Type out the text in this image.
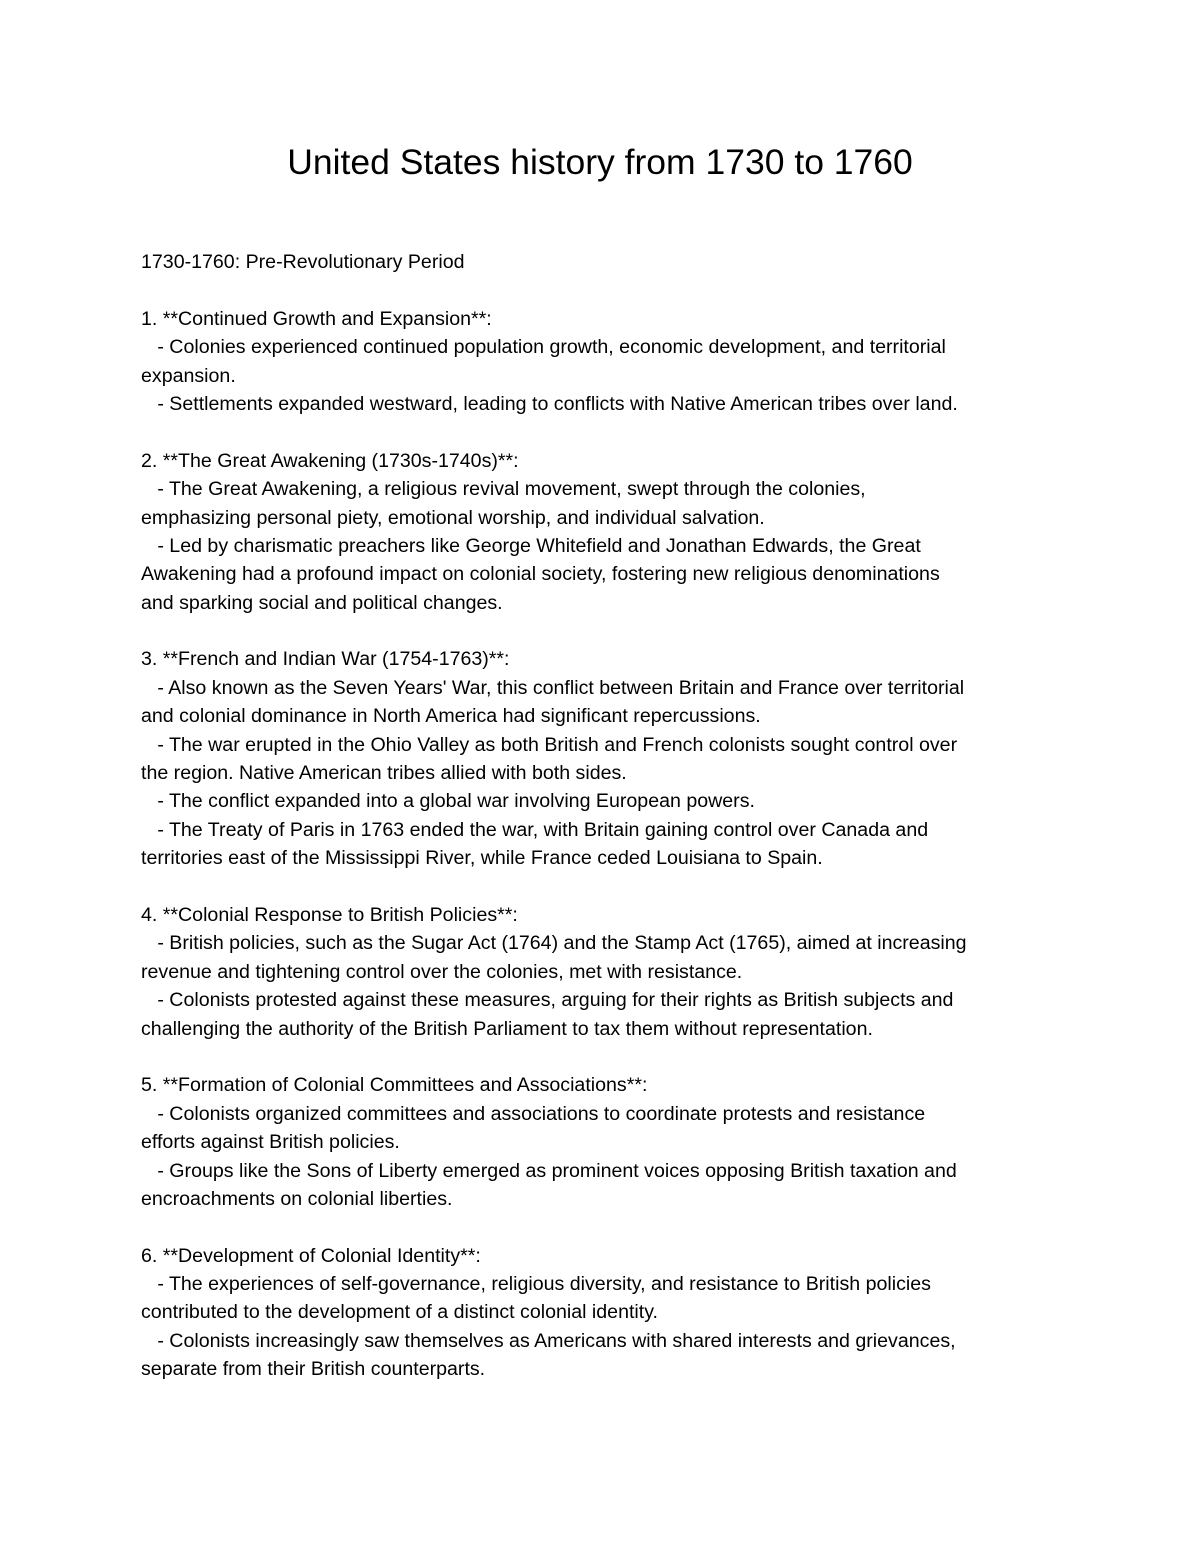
United States history from 1730 to 1760
1730-1760: Pre-Revolutionary Period
1. **Continued Growth and Expansion**:
- Colonies experienced continued population growth, economic development, and territorial
expansion.
- Settlements expanded westward, leading to conflicts with Native American tribes over land.
2. **The Great Awakening (1730s-1740s)**:
- The Great Awakening, a religious revival movement, swept through the colonies,
emphasizing personal piety, emotional worship, and individual salvation.
- Led by charismatic preachers like George Whitefield and Jonathan Edwards, the Great
Awakening had a profound impact on colonial society, fostering new religious denominations
and sparking social and political changes.
3. **French and Indian War (1754-1763)**:
- Also known as the Seven Years' War, this conflict between Britain and France over territorial
and colonial dominance in North America had significant repercussions.
- The war erupted in the Ohio Valley as both British and French colonists sought control over
the region. Native American tribes allied with both sides.
- The conflict expanded into a global war involving European powers.
- The Treaty of Paris in 1763 ended the war, with Britain gaining control over Canada and
territories east of the Mississippi River, while France ceded Louisiana to Spain.
4. **Colonial Response to British Policies**:
- British policies, such as the Sugar Act (1764) and the Stamp Act (1765), aimed at increasing
revenue and tightening control over the colonies, met with resistance.
- Colonists protested against these measures, arguing for their rights as British subjects and
challenging the authority of the British Parliament to tax them without representation.
5. **Formation of Colonial Committees and Associations**:
- Colonists organized committees and associations to coordinate protests and resistance
efforts against British policies.
- Groups like the Sons of Liberty emerged as prominent voices opposing British taxation and
encroachments on colonial liberties.
6. **Development of Colonial Identity**:
- The experiences of self-governance, religious diversity, and resistance to British policies
contributed to the development of a distinct colonial identity.
- Colonists increasingly saw themselves as Americans with shared interests and grievances,
separate from their British counterparts.
